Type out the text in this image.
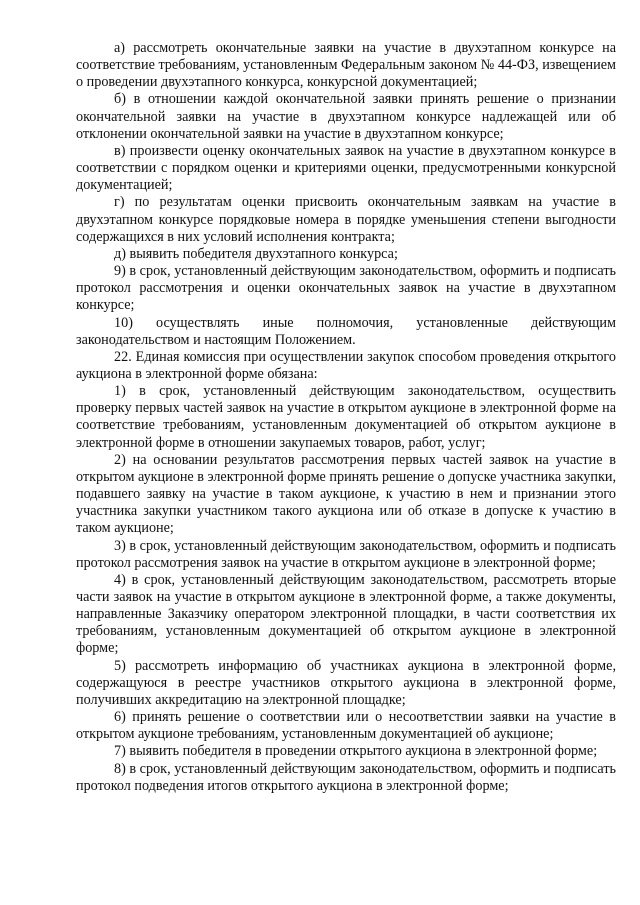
а) рассмотреть окончательные заявки на участие в двухэтапном конкурсе на соответствие требованиям, установленным Федеральным законом № 44-ФЗ, извещением о проведении двухэтапного конкурса, конкурсной документацией;

б) в отношении каждой окончательной заявки принять решение о признании окончательной заявки на участие в двухэтапном конкурсе надлежащей или об отклонении окончательной заявки на участие в двухэтапном конкурсе;

в) произвести оценку окончательных заявок на участие в двухэтапном конкурсе в соответствии с порядком оценки и критериями оценки, предусмотренными конкурсной документацией;

г) по результатам оценки присвоить окончательным заявкам на участие в двухэтапном конкурсе порядковые номера в порядке уменьшения степени выгодности содержащихся в них условий исполнения контракта;

д) выявить победителя двухэтапного конкурса;

9) в срок, установленный действующим законодательством, оформить и подписать протокол рассмотрения и оценки окончательных заявок на участие в двухэтапном конкурсе;

10) осуществлять иные полномочия, установленные действующим законодательством и настоящим Положением.

22. Единая комиссия при осуществлении закупок способом проведения открытого аукциона в электронной форме обязана:

1) в срок, установленный действующим законодательством, осуществить проверку первых частей заявок на участие в открытом аукционе в электронной форме на соответствие требованиям, установленным документацией об открытом аукционе в электронной форме в отношении закупаемых товаров, работ, услуг;

2) на основании результатов рассмотрения первых частей заявок на участие в открытом аукционе в электронной форме принять решение о допуске участника закупки, подавшего заявку на участие в таком аукционе, к участию в нем и признании этого участника закупки участником такого аукциона или об отказе в допуске к участию в таком аукционе;

3) в срок, установленный действующим законодательством, оформить и подписать протокол рассмотрения заявок на участие в открытом аукционе в электронной форме;

4) в срок, установленный действующим законодательством, рассмотреть вторые части заявок на участие в открытом аукционе в электронной форме, а также документы, направленные Заказчику оператором электронной площадки, в части соответствия их требованиям, установленным документацией об открытом аукционе в электронной форме;

5) рассмотреть информацию об участниках аукциона в электронной форме, содержащуюся в реестре участников открытого аукциона в электронной форме, получивших аккредитацию на электронной площадке;

6) принять решение о соответствии или о несоответствии заявки на участие в открытом аукционе требованиям, установленным документацией об аукционе;

7) выявить победителя в проведении открытого аукциона в электронной форме;

8) в срок, установленный действующим законодательством, оформить и подписать протокол подведения итогов открытого аукциона в электронной форме;
